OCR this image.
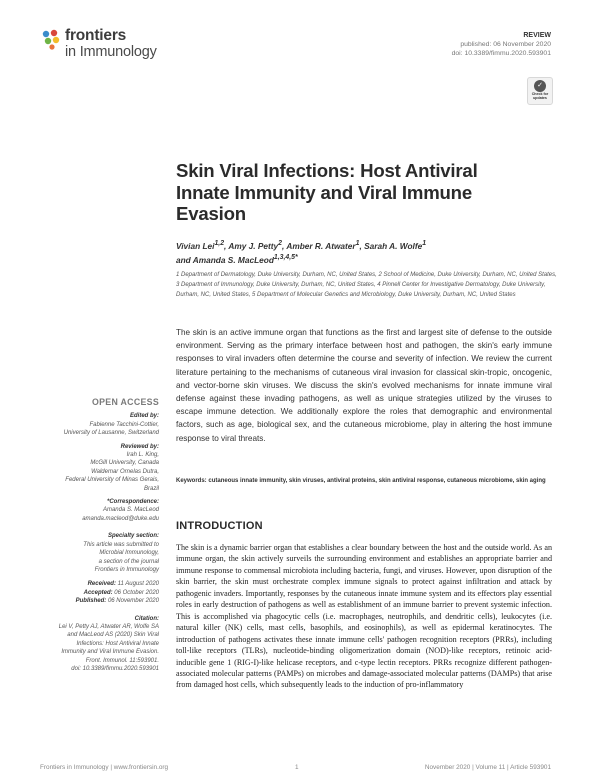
frontiers
in Immunology
REVIEW
published: 06 November 2020
doi: 10.3389/fimmu.2020.593901
✓
Check for updates
Skin Viral Infections: Host Antiviral Innate Immunity and Viral Immune Evasion
Vivian Lei$^{1,2}$, Amy J. Petty$^2$, Amber R. Atwater$^1$, Sarah A. Wolfe$^1$
and Amanda S. MacLeod$^{1,3,4,5*}$
1 Department of Dermatology, Duke University, Durham, NC, United States, 2 School of Medicine, Duke University, Durham, NC, United States, 3 Department of Immunology, Duke University, Durham, NC, United States, 4 Pinnell Center for Investigative Dermatology, Duke University, Durham, NC, United States, 5 Department of Molecular Genetics and Microbiology, Duke University, Durham, NC, United States
The skin is an active immune organ that functions as the first and largest site of defense to the outside environment. Serving as the primary interface between host and pathogen, the skin's early immune responses to viral invaders often determine the course and severity of infection. We review the current literature pertaining to the mechanisms of cutaneous viral invasion for classical skin-tropic, oncogenic, and vector-borne skin viruses. We discuss the skin's evolved mechanisms for innate immune viral defense against these invading pathogens, as well as unique strategies utilized by the viruses to escape immune detection. We additionally explore the roles that demographic and environmental factors, such as age, biological sex, and the cutaneous microbiome, play in altering the host immune response to viral threats.
Keywords: cutaneous innate immunity, skin viruses, antiviral proteins, skin antiviral response, cutaneous microbiome, skin aging
OPEN ACCESS
Edited by:
Fabienne Tacchini-Cottier,
University of Lausanne, Switzerland
Reviewed by:
Irah L. King,
McGill University, Canada
Waldemar Ornelas Dutra,
Federal University of Minas Gerais,
Brazil
*Correspondence:
Amanda S. MacLeod
amanda.macleod@duke.edu
Specialty section:
This article was submitted to
Microbial Immunology,
a section of the journal
Frontiers in Immunology
Received: 11 August 2020
Accepted: 06 October 2020
Published: 06 November 2020
Citation:
Lei V, Petty AJ, Atwater AR, Wolfe SA
and MacLeod AS (2020) Skin Viral
Infections: Host Antiviral Innate
Immunity and Viral Immune Evasion.
Front. Immunol. 11:593901.
doi: 10.3389/fimmu.2020.593901
INTRODUCTION
The skin is a dynamic barrier organ that establishes a clear boundary between the host and the outside world. As an immune organ, the skin actively surveils the surrounding environment and establishes an appropriate barrier and immune response to commensal microbiota including bacteria, fungi, and viruses. However, upon disruption of the skin barrier, the skin must orchestrate complex immune signals to protect against infiltration and attack by pathogenic invaders. Importantly, responses by the cutaneous innate immune system and its effectors play essential roles in early destruction of pathogens as well as establishment of an immune barrier to prevent systemic infection. This is accomplished via phagocytic cells (i.e. macrophages, neutrophils, and dendritic cells), leukocytes (i.e. natural killer (NK) cells, mast cells, basophils, and eosinophils), as well as epidermal keratinocytes. The introduction of pathogens activates these innate immune cells' pathogen recognition receptors (PRRs), including toll-like receptors (TLRs), nucleotide-binding oligomerization domain (NOD)-like receptors, retinoic acid-inducible gene 1 (RIG-I)-like helicase receptors, and c-type lectin receptors. PRRs recognize different pathogen-associated molecular patterns (PAMPs) on microbes and damage-associated molecular patterns (DAMPs) that arise from damaged host cells, which subsequently leads to the induction of pro-inflammatory
Frontiers in Immunology | www.frontiersin.org	1	November 2020 | Volume 11 | Article 593901
